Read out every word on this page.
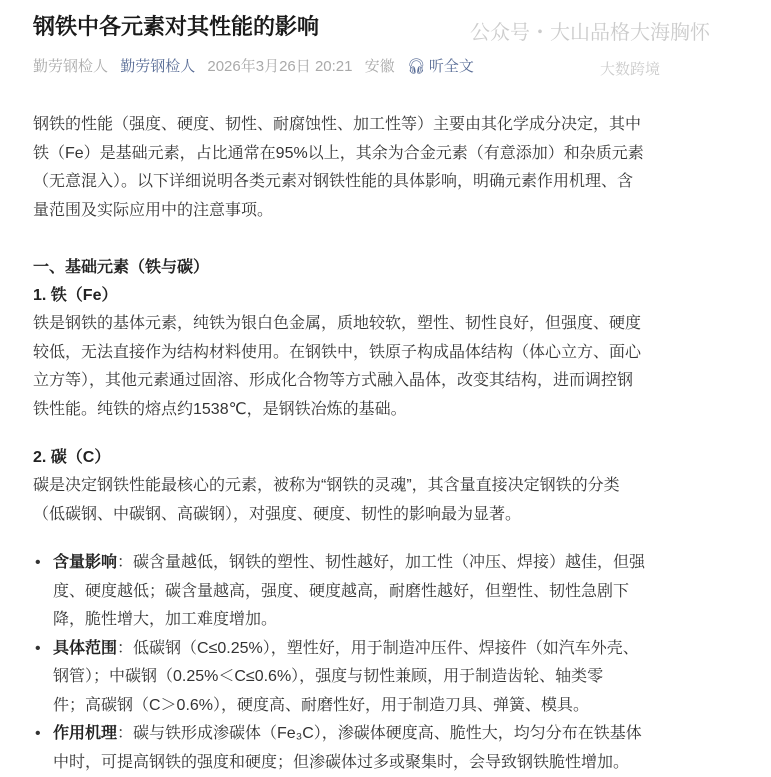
钢铁中各元素对其性能的影响
勤劳钢检人 勤劳钢检人 2026年3月26日 20:21 安徽 🎧︎ 听全文
钢铁的性能（强度、硬度、韧性、耐腐蚀性、加工性等）主要由其化学成分决定，其中
铁（Fe）是基础元素，占比通常在95%以上，其余为合金元素（有意添加）和杂质元素
（无意混入）。以下详细说明各类元素对钢铁性能的具体影响，明确元素作用机理、含
量范围及实际应用中的注意事项。
一、基础元素（铁与碳）
1. 铁（Fe）
铁是钢铁的基体元素，纯铁为银白色金属，质地较软，塑性、韧性良好，但强度、硬度
较低，无法直接作为结构材料使用。在钢铁中，铁原子构成晶体结构（体心立方、面心
立方等），其他元素通过固溶、形成化合物等方式融入晶体，改变其结构，进而调控钢
铁性能。纯铁的熔点约1538℃，是钢铁冶炼的基础。
2. 碳（C）
碳是决定钢铁性能最核心的元素，被称为“钢铁的灵魂”，其含量直接决定钢铁的分类
（低碳钢、中碳钢、高碳钢），对强度、硬度、韧性的影响最为显著。
• 含量影响：碳含量越低，钢铁的塑性、韧性越好，加工性（冲压、焊接）越佳，但强
度、硬度越低；碳含量越高，强度、硬度越高，耐磨性越好，但塑性、韧性急剧下
降，脆性增大，加工难度增加。
• 具体范围：低碳钢（C≤0.25%），塑性好，用于制造冲压件、焊接件（如汽车外壳、
钢管）；中碳钢（0.25%＜C≤0.6%），强度与韧性兼顾，用于制造齿轮、轴类零
件；高碳钢（C＞0.6%），硬度高、耐磨性好，用于制造刀具、弹簧、模具。
• 作用机理：碳与铁形成渗碳体（Fe₃C），渗碳体硬度高、脆性大，均匀分布在铁基体
中时，可提高钢铁的强度和硬度；但渗碳体过多或聚集时，会导致钢铁脆性增加。
公众号・大山品格大海胸怀
大数跨境
